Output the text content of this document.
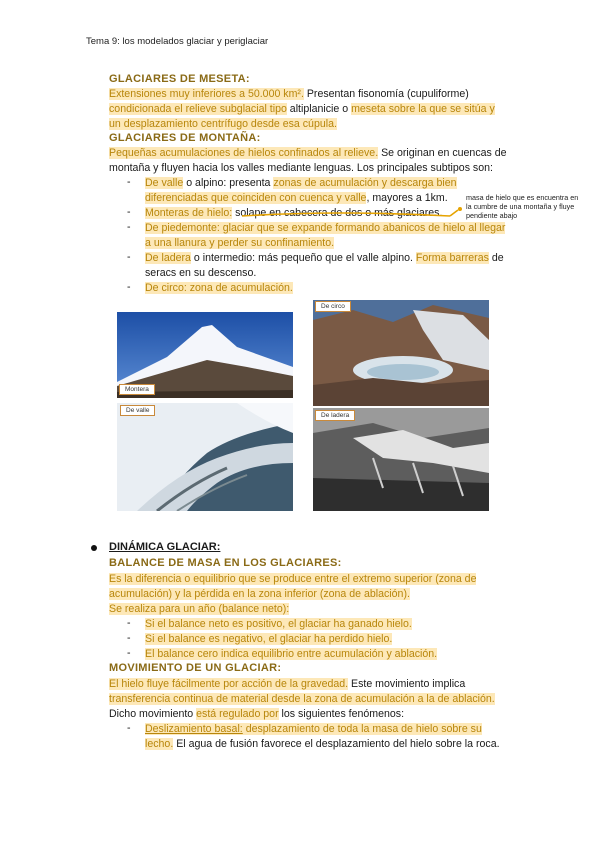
Tema 9: los modelados glaciar y periglaciar
GLACIARES DE MESETA:
Extensiones muy inferiores a 50.000 km². Presentan fisonomía (cupuliforme)
condicionada el relieve subglacial tipo altiplanicie o meseta sobre la que se sitúa y
un desplazamiento centrífugo desde esa cúpula.
GLACIARES DE MONTAÑA:
Pequeñas acumulaciones de hielos confinados al relieve. Se originan en cuencas de
montaña y fluyen hacia los valles mediante lenguas. Los principales subtipos son:
- De valle o alpino: presenta zonas de acumulación y descarga bien
diferenciadas que coinciden con cuenca y valle, mayores a 1km.
- Monteras de hielo: solape en cabecera de dos o más glaciares.
- De piedemonte: glaciar que se expande formando abanicos de hielo al llegar
a una llanura y perder su confinamiento.
- De ladera o intermedio: más pequeño que el valle alpino. Forma barreras de
seracs en su descenso.
- De circo: zona de acumulación.
masa de hielo que es encuentra en la cumbre de una montaña y fluye pendiente abajo
Montera
De valle
De circo
De ladera
DINÁMICA GLACIAR:
BALANCE DE MASA EN LOS GLACIARES:
Es la diferencia o equilibrio que se produce entre el extremo superior (zona de
acumulación) y la pérdida en la zona inferior (zona de ablación).
Se realiza para un año (balance neto):
- Si el balance neto es positivo, el glaciar ha ganado hielo.
- Si el balance es negativo, el glaciar ha perdido hielo.
- El balance cero indica equilibrio entre acumulación y ablación.
MOVIMIENTO DE UN GLACIAR:
El hielo fluye fácilmente por acción de la gravedad. Este movimiento implica
transferencia continua de material desde la zona de acumulación a la de ablación.
Dicho movimiento está regulado por los siguientes fenómenos:
- Deslizamiento basal: desplazamiento de toda la masa de hielo sobre su
lecho. El agua de fusión favorece el desplazamiento del hielo sobre la roca.
